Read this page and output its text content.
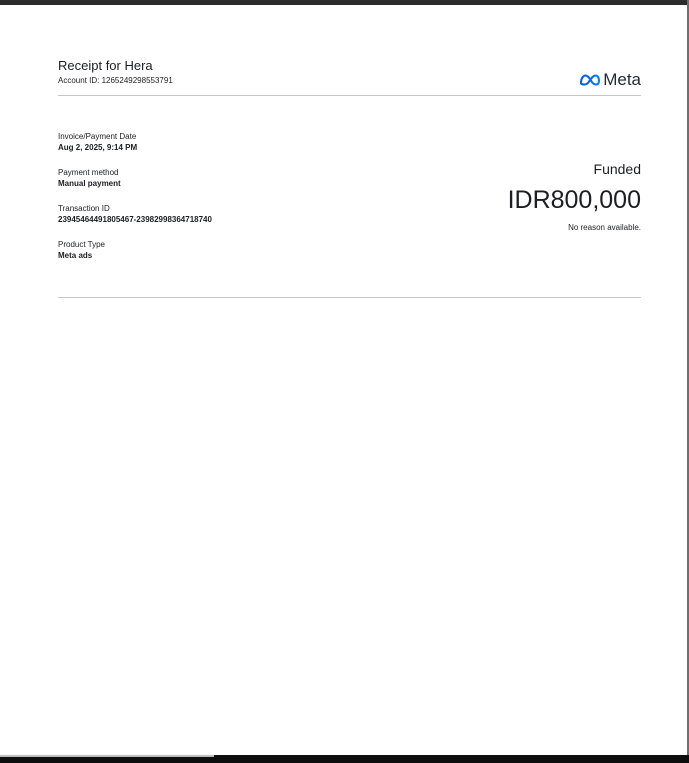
Receipt for Hera
Account ID: 1265249298553791	Meta
Invoice/Payment Date
Aug 2, 2025, 9:14 PM
Payment method
Manual payment
Transaction ID
23945464491805467-23982998364718740
Product Type
Meta ads
Funded
IDR800,000
No reason available.
